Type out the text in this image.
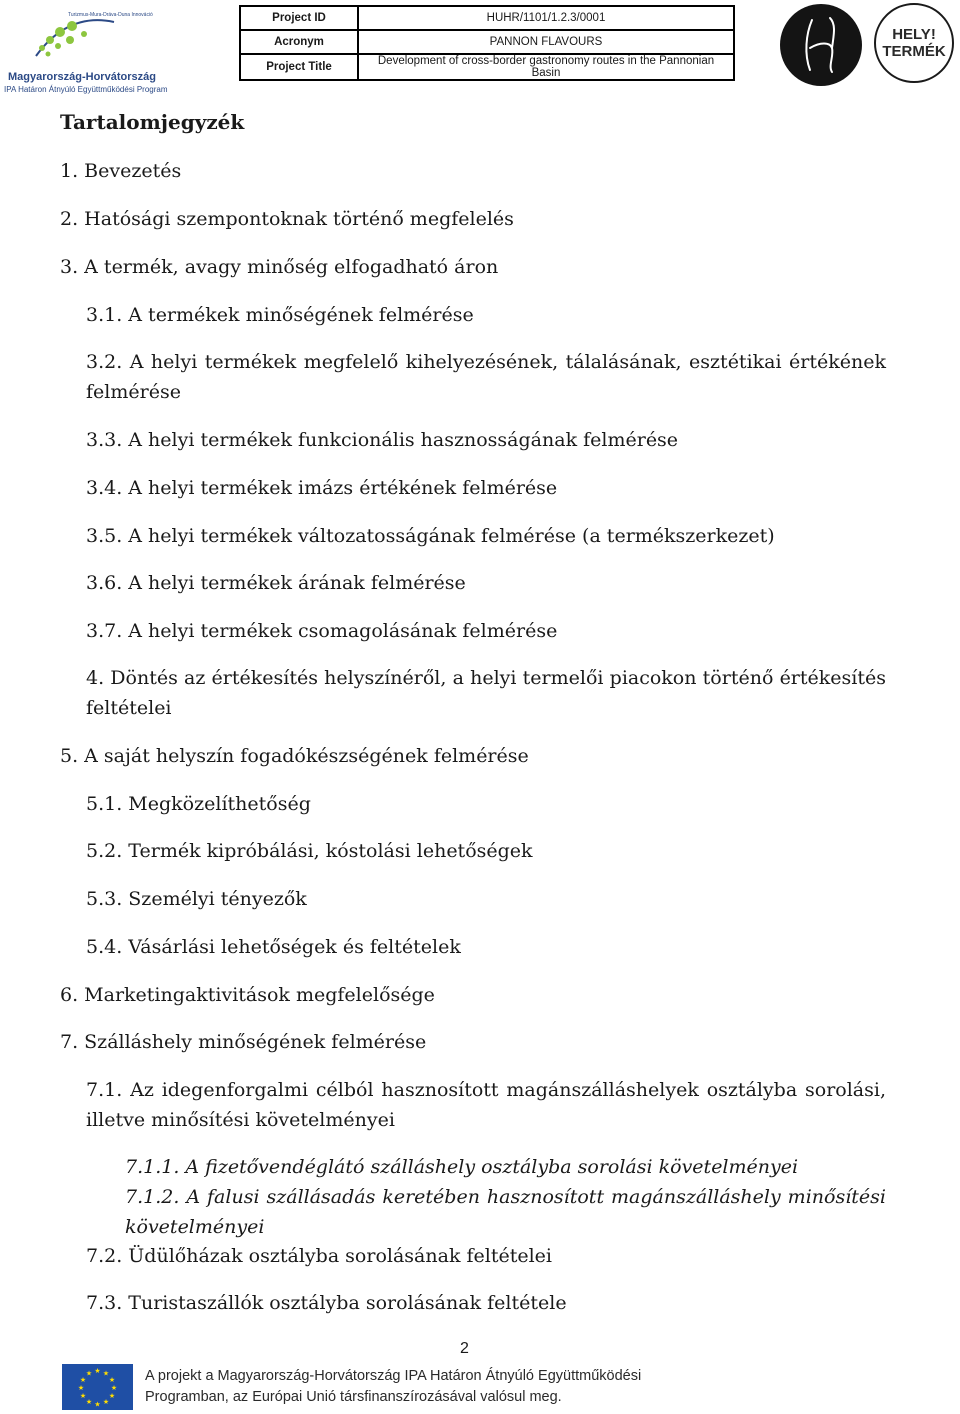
Turizmus-Mura-Dráva-Duna Innováció
Magyarország-Horvátország
IPA Határon Átnyúló Együttműködési Program
Project ID	HUHR/1101/1.2.3/0001
Acronym	PANNON FLAVOURS
Project Title	Development of cross-border gastronomy routes in the Pannonian Basin
HELY!
TERMÉK
Tartalomjegyzék
1. Bevezetés
2. Hatósági szempontoknak történő megfelelés
3. A termék, avagy minőség elfogadható áron
3.1. A termékek minőségének felmérése
3.2. A helyi termékek megfelelő kihelyezésének, tálalásának, esztétikai értékének
felmérése
3.3. A helyi termékek funkcionális hasznosságának felmérése
3.4. A helyi termékek imázs értékének felmérése
3.5. A helyi termékek változatosságának felmérése (a termékszerkezet)
3.6. A helyi termékek árának felmérése
3.7. A helyi termékek csomagolásának felmérése
4. Döntés az értékesítés helyszínéről, a helyi termelői piacokon történő értékesítés
feltételei
5. A saját helyszín fogadókészségének felmérése
5.1. Megközelíthetőség
5.2. Termék kipróbálási, kóstolási lehetőségek
5.3. Személyi tényezők
5.4. Vásárlási lehetőségek és feltételek
6. Marketingaktivitások megfelelősége
7. Szálláshely minőségének felmérése
7.1. Az idegenforgalmi célból hasznosított magánszálláshelyek osztályba sorolási,
illetve minősítési követelményei
7.1.1. A fizetővendéglátó szálláshely osztályba sorolási követelményei
7.1.2. A falusi szállásadás keretében hasznosított magánszálláshely minősítési
követelményei
7.2. Üdülőházak osztályba sorolásának feltételei
7.3. Turistaszállók osztályba sorolásának feltétele
2
★ ★
★
★
★
★
★
★
★
★
★
★	A projekt a Magyarország-Horvátország IPA Határon Átnyúló Együttműködési
Programban, az Európai Unió társfinanszírozásával valósul meg.
